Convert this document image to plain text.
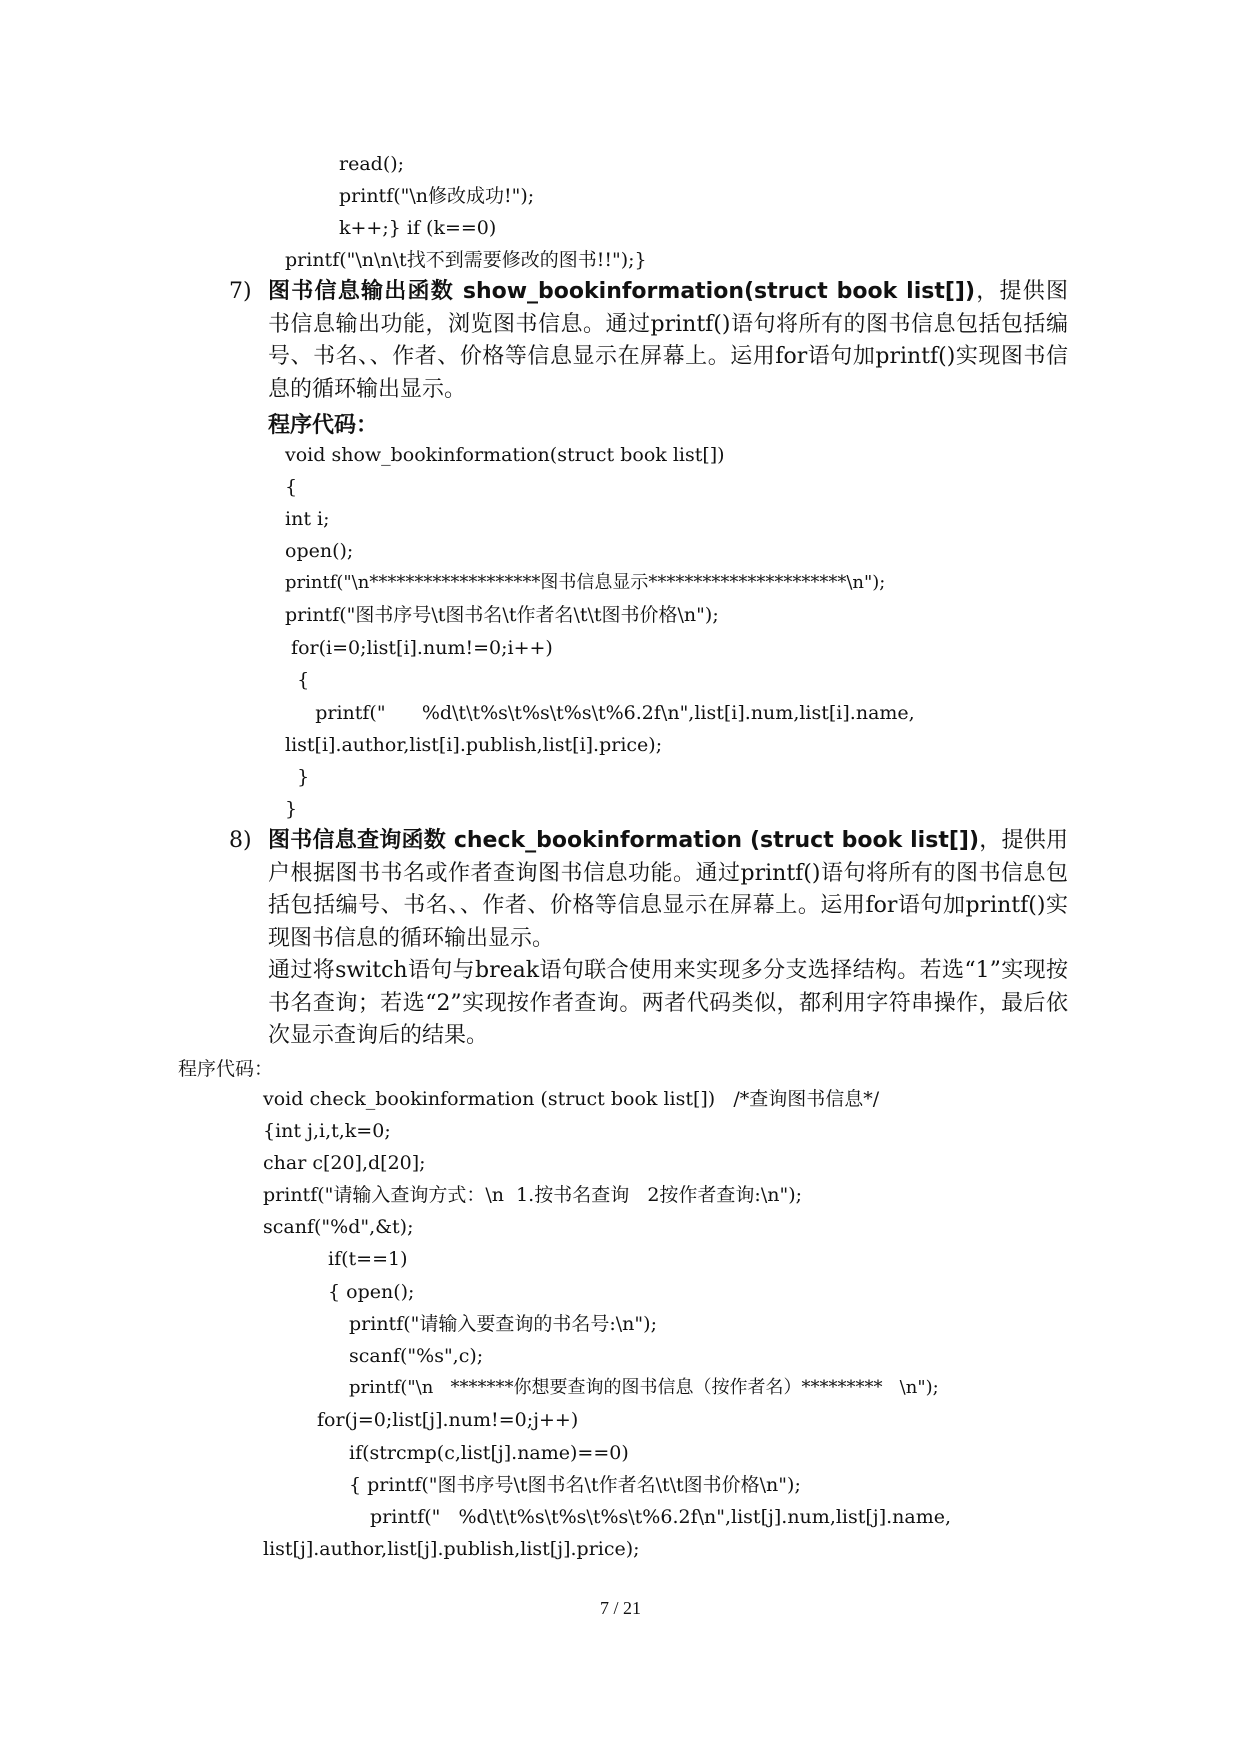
read();
printf("\n修改成功!");
k++;} if (k==0)
printf("\n\n\t找不到需要修改的图书!!");}
7) 图书信息输出函数 show_bookinformation(struct book list[])，提供图书信息输出功能，浏览图书信息。通过printf()语句将所有的图书信息包括包括编号、书名、、作者、价格等信息显示在屏幕上。运用for语句加printf()实现图书信息的循环输出显示。

程序代码：
void show_bookinformation(struct book list[])
{
int i;
open();
printf("\n*******************图书信息显示**********************\n");
printf("图书序号\t图书名\t作者名\t\t图书价格\n");
for(i=0;list[i].num!=0;i++)
{
printf("      %d\t\t%s\t%s\t%s\t%6.2f\n",list[i].num,list[i].name,
list[i].author,list[i].publish,list[i].price);
}
}
8) 图书信息查询函数 check_bookinformation (struct book list[])，提供用户根据图书书名或作者查询图书信息功能。通过printf()语句将所有的图书信息包括包括编号、书名、、作者、价格等信息显示在屏幕上。运用for语句加printf()实现图书信息的循环输出显示。

通过将switch语句与break语句联合使用来实现多分支选择结构。若选“1”实现按书名查询；若选“2”实现按作者查询。两者代码类似，都利用字符串操作，最后依次显示查询后的结果。

程序代码：
void check_bookinformation (struct book list[])   /*查询图书信息*/
{int j,i,t,k=0;
char c[20],d[20];
printf("请输入查询方式：\n  1.按书名查询   2按作者查询:\n");
scanf("%d",&t);
if(t==1)
{ open();
printf("请输入要查询的书名号:\n");
scanf("%s",c);
printf("\n   *******你想要查询的图书信息（按作者名）*********   \n");
for(j=0;list[j].num!=0;j++)
if(strcmp(c,list[j].name)==0)
{ printf("图书序号\t图书名\t作者名\t\t图书价格\n");
printf("   %d\t\t%s\t%s\t%s\t%6.2f\n",list[j].num,list[j].name,
list[j].author,list[j].publish,list[j].price);
7 / 21
